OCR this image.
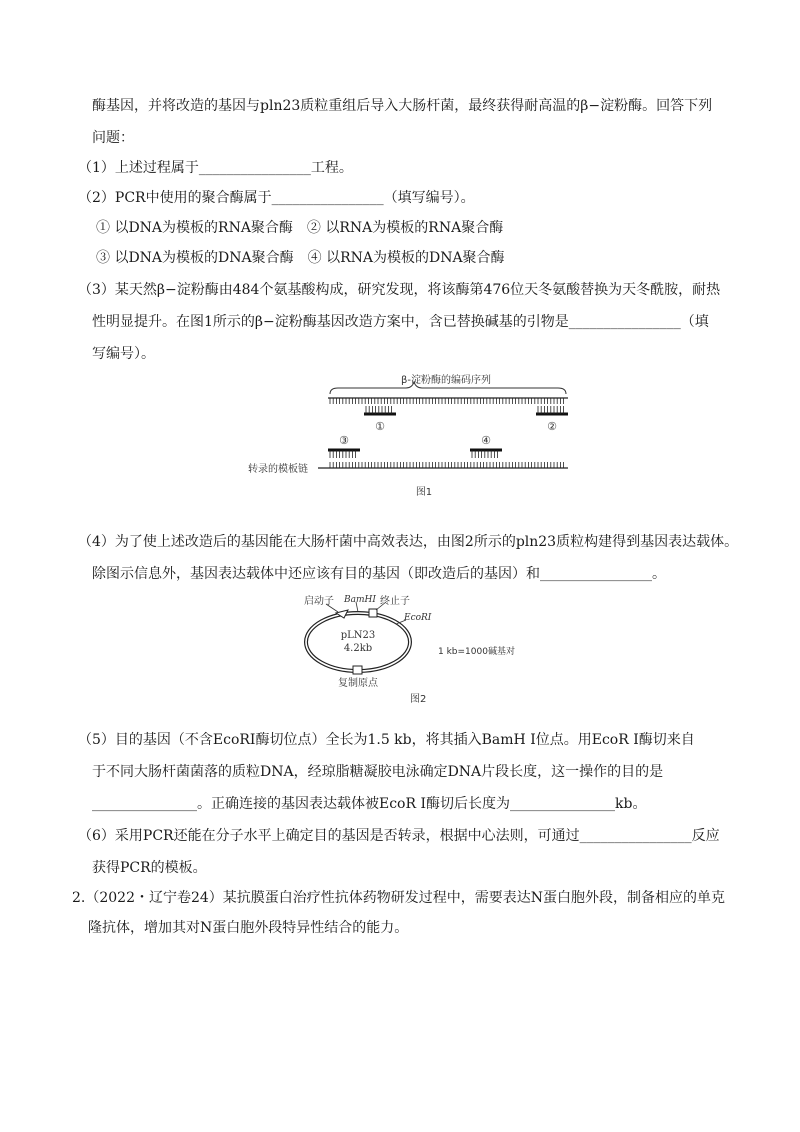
酶基因，并将改造的基因与pln23质粒重组后导入大肠杆菌，最终获得耐高温的β−淀粉酶。回答下列
问题：
（1）上述过程属于________________工程。
（2）PCR中使用的聚合酶属于________________（填写编号）。
① 以DNA为模板的RNA聚合酶　② 以RNA为模板的RNA聚合酶
③ 以DNA为模板的DNA聚合酶　④ 以RNA为模板的DNA聚合酶
（3）某天然β−淀粉酶由484个氨基酸构成，研究发现，将该酶第476位天冬氨酸替换为天冬酰胺，耐热
性明显提升。在图1所示的β−淀粉酶基因改造方案中，含已替换碱基的引物是________________（填
写编号）。
β-淀粉酶的编码序列
①	②
③	④
转录的模板链
图1
（4）为了使上述改造后的基因能在大肠杆菌中高效表达，由图2所示的pln23质粒构建得到基因表达载体。
除图示信息外，基因表达载体中还应该有目的基因（即改造后的基因）和________________。
启动子 BamHⅠ 终止子
EcoRⅠ
pLN23
4.2kb
复制原点
1 kb=1000碱基对
图2
（5）目的基因（不含EcoRI酶切位点）全长为1.5 kb，将其插入BamH Ⅰ位点。用EcoR Ⅰ酶切来自
于不同大肠杆菌菌落的质粒DNA，经琼脂糖凝胶电泳确定DNA片段长度，这一操作的目的是
_______________。正确连接的基因表达载体被EcoR Ⅰ酶切后长度为_______________kb。
（6）采用PCR还能在分子水平上确定目的基因是否转录，根据中心法则，可通过________________反应
获得PCR的模板。
2.（2022・辽宁卷24）某抗膜蛋白治疗性抗体药物研发过程中，需要表达N蛋白胞外段，制备相应的单克
隆抗体，增加其对N蛋白胞外段特异性结合的能力。
